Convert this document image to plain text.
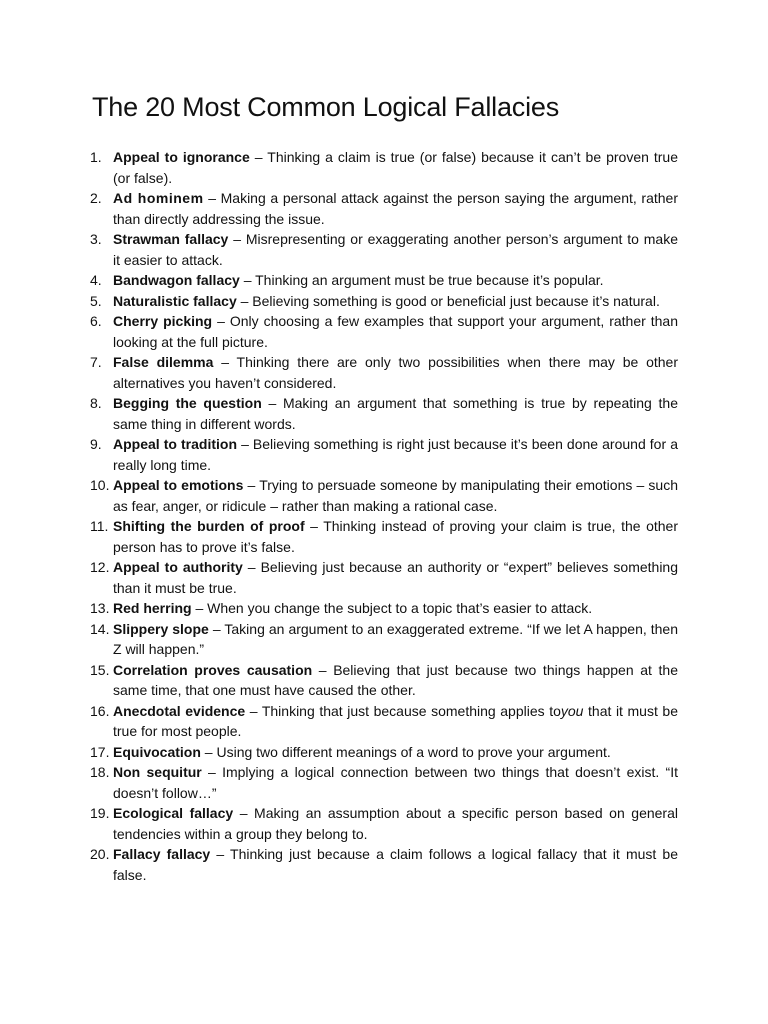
The 20 Most Common Logical Fallacies
1. Appeal to ignorance – Thinking a claim is true (or false) because it can’t be proven true (or false).
2. Ad hominem – Making a personal attack against the person saying the argument, rather than directly addressing the issue.
3. Strawman fallacy – Misrepresenting or exaggerating another person’s argument to make it easier to attack.
4. Bandwagon fallacy – Thinking an argument must be true because it’s popular.
5. Naturalistic fallacy – Believing something is good or beneficial just because it’s natural.
6. Cherry picking – Only choosing a few examples that support your argument, rather than looking at the full picture.
7. False dilemma – Thinking there are only two possibilities when there may be other alternatives you haven’t considered.
8. Begging the question – Making an argument that something is true by repeating the same thing in different words.
9. Appeal to tradition – Believing something is right just because it’s been done around for a really long time.
10. Appeal to emotions – Trying to persuade someone by manipulating their emotions – such as fear, anger, or ridicule – rather than making a rational case.
11. Shifting the burden of proof – Thinking instead of proving your claim is true, the other person has to prove it’s false.
12. Appeal to authority – Believing just because an authority or “expert” believes something than it must be true.
13. Red herring – When you change the subject to a topic that’s easier to attack.
14. Slippery slope – Taking an argument to an exaggerated extreme. “If we let A happen, then Z will happen.”
15. Correlation proves causation – Believing that just because two things happen at the same time, that one must have caused the other.
16. Anecdotal evidence – Thinking that just because something applies toyou that it must be true for most people.
17. Equivocation – Using two different meanings of a word to prove your argument.
18. Non sequitur – Implying a logical connection between two things that doesn’t exist. “It doesn’t follow…”
19. Ecological fallacy – Making an assumption about a specific person based on general tendencies within a group they belong to.
20. Fallacy fallacy – Thinking just because a claim follows a logical fallacy that it must be false.
